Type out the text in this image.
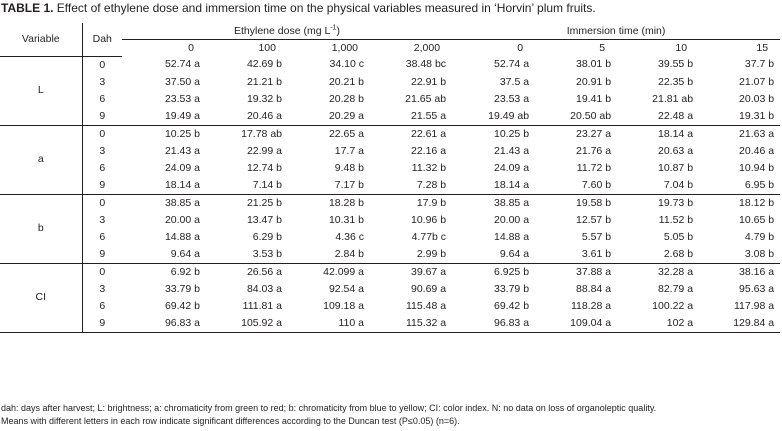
TABLE 1. Effect of ethylene dose and immersion time on the physical variables measured in ‘Horvin’ plum fruits.
Variable	Dah	Ethylene dose (mg $L^{-1}$)				Immersion time (min)			
		0	100	1,000	2,000	0	5	10	15
L	0	52.74 a	42.69 b	34.10 c	38.48 bc	52.74 a	38.01 b	39.55 b	37.7 b
	3	37.50 a	21.21 b	20.21 b	22.91 b	37.5 a	20.91 b	22.35 b	21.07 b
	6	23.53 a	19.32 b	20.28 b	21.65 ab	23.53 a	19.41 b	21.81 ab	20.03 b
	9	19.49 a	20.46 a	20.29 a	21.55 a	19.49 ab	20.50 ab	22.48 a	19.31 b
a	0	10.25 b	17.78 ab	22.65 a	22.61 a	10.25 b	23.27 a	18.14 a	21.63 a
	3	21.43 a	22.99 a	17.7 a	22.16 a	21.43 a	21.76 a	20.63 a	20.46 a
	6	24.09 a	12.74 b	9.48 b	11.32 b	24.09 a	11.72 b	10.87 b	10.94 b
	9	18.14 a	7.14 b	7.17 b	7.28 b	18.14 a	7.60 b	7.04 b	6.95 b
b	0	38.85 a	21.25 b	18.28 b	17.9 b	38.85 a	19.58 b	19.73 b	18.12 b
	3	20.00 a	13.47 b	10.31 b	10.96 b	20.00 a	12.57 b	11.52 b	10.65 b
	6	14.88 a	6.29 b	4.36 c	4.77b c	14.88 a	5.57 b	5.05 b	4.79 b
	9	9.64 a	3.53 b	2.84 b	2.99 b	9.64 a	3.61 b	2.68 b	3.08 b
CI	0	6.92 b	26.56 a	42.099 a	39.67 a	6.925 b	37.88 a	32.28 a	38.16 a
	3	33.79 b	84.03 a	92.54 a	90.69 a	33.79 b	88.84 a	82.79 a	95.63 a
	6	69.42 b	111.81 a	109.18 a	115.48 a	69.42 b	118.28 a	100.22 a	117.98 a
	9	96.83 a	105.92 a	110 a	115.32 a	96.83 a	109.04 a	102 a	129.84 a
dah: days after harvest; L: brightness; a: chromaticity from green to red; b: chromaticity from blue to yellow; CI: color index. N: no data on loss of organoleptic quality.
Means with different letters in each row indicate significant differences according to the Duncan test (P≤0.05) (n=6).
